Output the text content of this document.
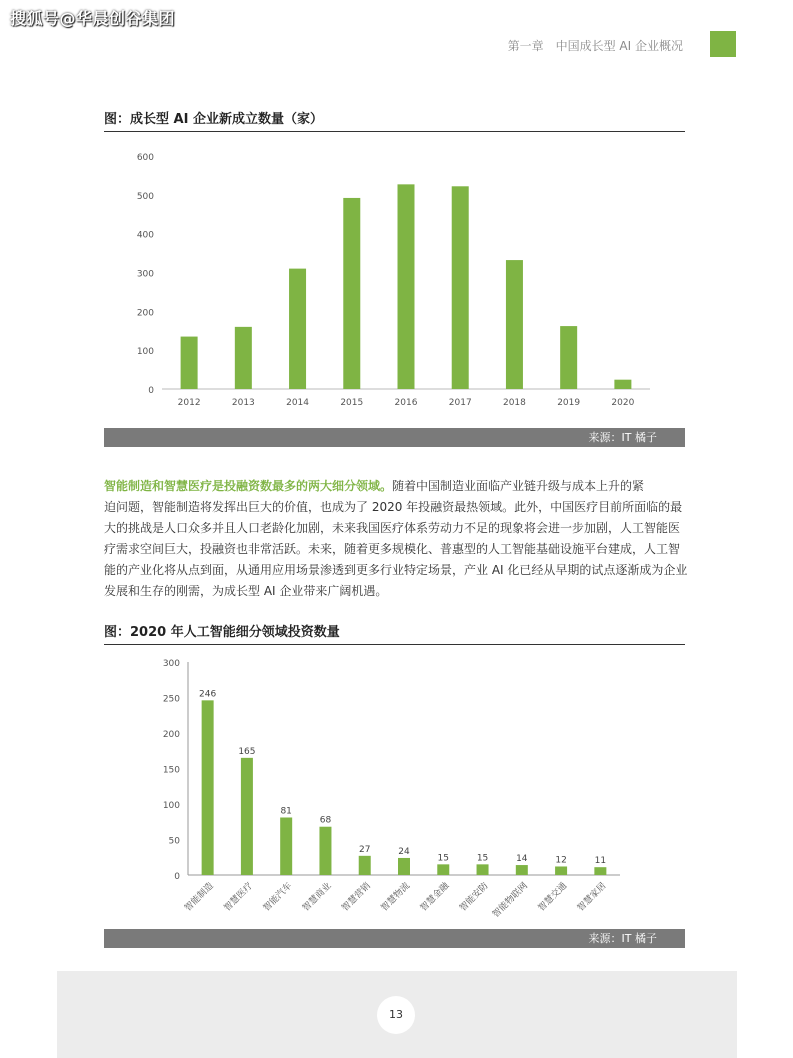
搜狐号@华晨创谷集团
第一章　中国成长型 AI 企业概况
图：成长型 AI 企业新成立数量（家）
0
100
200
300
400
500
600
2012	2013	2014	2015	2016	2017	2018	2019	2020
来源：IT 橘子
智能制造和智慧医疗是投融资数最多的两大细分领域。随着中国制造业面临产业链升级与成本上升的紧
迫问题，智能制造将发挥出巨大的价值，也成为了 2020 年投融资最热领域。此外，中国医疗目前所面临的最
大的挑战是人口众多并且人口老龄化加剧，未来我国医疗体系劳动力不足的现象将会进一步加剧，人工智能医
疗需求空间巨大，投融资也非常活跃。未来，随着更多规模化、普惠型的人工智能基础设施平台建成，人工智
能的产业化将从点到面，从通用应用场景渗透到更多行业特定场景，产业 AI 化已经从早期的试点逐渐成为企业
发展和生存的刚需，为成长型 AI 企业带来广阔机遇。
图：2020 年人工智能细分领域投资数量
0
50
100
150
200
250
300
246
智能制造
165
智慧医疗
81
智能汽车
68
智慧商业
27
智慧营销
24
智慧物流
15
智慧金融
15
智能安防
14
智能物联网
12
智慧交通
11
智慧家居
来源：IT 橘子
13
